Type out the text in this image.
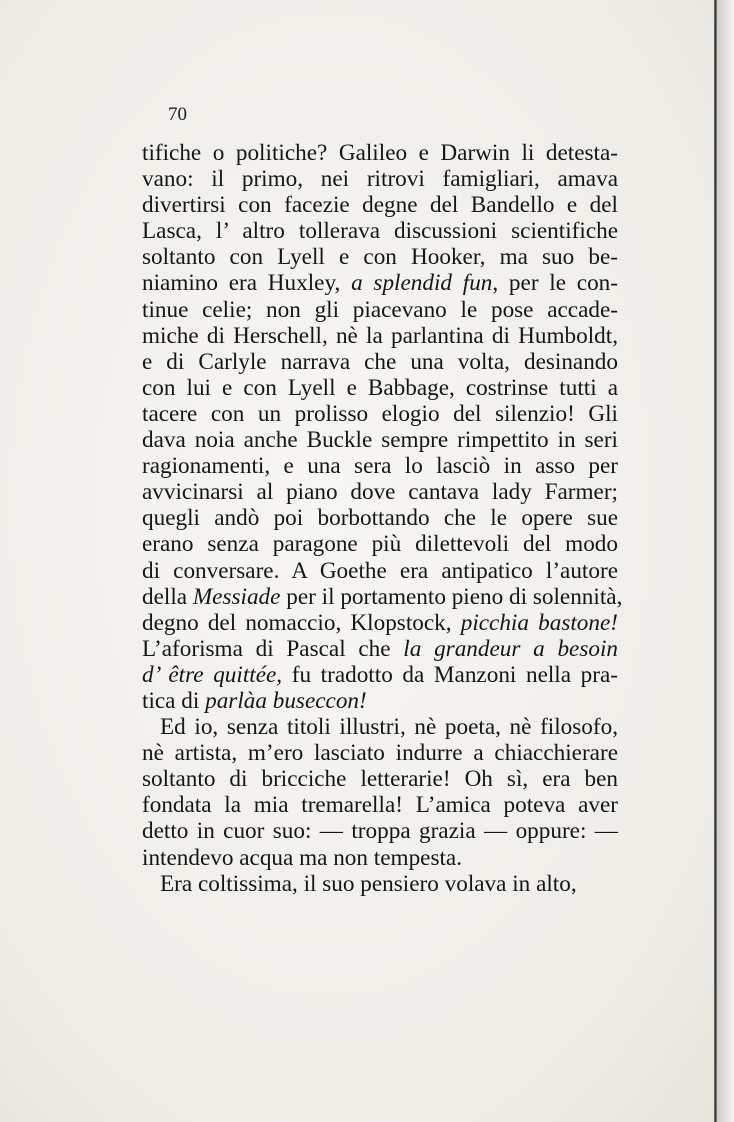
70

tifiche o politiche? Galileo e Darwin li detesta-
vano: il primo, nei ritrovi famigliari, amava
divertirsi con facezie degne del Bandello e del
Lasca, l’ altro tollerava discussioni scientifiche
soltanto con Lyell e con Hooker, ma suo be-
niamino era Huxley, a splendid fun, per le con-
tinue celie; non gli piacevano le pose accade-
miche di Herschell, nè la parlantina di Humboldt,
e di Carlyle narrava che una volta, desinando
con lui e con Lyell e Babbage, costrinse tutti a
tacere con un prolisso elogio del silenzio! Gli
dava noia anche Buckle sempre rimpettito in seri
ragionamenti, e una sera lo lasciò in asso per
avvicinarsi al piano dove cantava lady Farmer;
quegli andò poi borbottando che le opere sue
erano senza paragone più dilettevoli del modo
di conversare. A Goethe era antipatico l’autore
della Messiade per il portamento pieno di solennità,
degno del nomaccio, Klopstock, picchia bastone!
L’aforisma di Pascal che la grandeur a besoin
d’ être quittée, fu tradotto da Manzoni nella pra-
tica di parlàa buseccon!
Ed io, senza titoli illustri, nè poeta, nè filosofo,
nè artista, m’ero lasciato indurre a chiacchierare
soltanto di bricciche letterarie! Oh sì, era ben
fondata la mia tremarella! L’amica poteva aver
detto in cuor suo: — troppa grazia — oppure: —
intendevo acqua ma non tempesta.
Era coltissima, il suo pensiero volava in alto,
